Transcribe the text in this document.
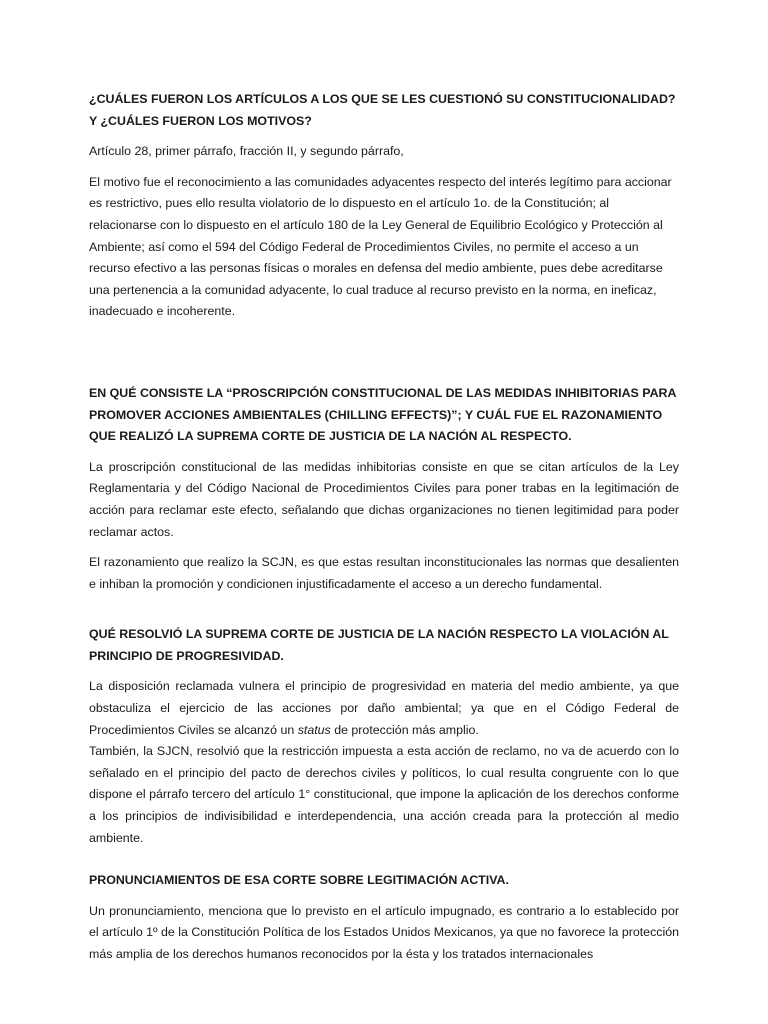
¿CUÁLES FUERON LOS ARTÍCULOS A LOS QUE SE LES CUESTIONÓ SU CONSTITUCIONALIDAD? Y ¿CUÁLES FUERON LOS MOTIVOS?

Artículo 28, primer párrafo, fracción II, y segundo párrafo,

El motivo fue el reconocimiento a las comunidades adyacentes respecto del interés legítimo para accionar es restrictivo, pues ello resulta violatorio de lo dispuesto en el artículo 1o. de la Constitución; al relacionarse con lo dispuesto en el artículo 180 de la Ley General de Equilibrio Ecológico y Protección al Ambiente; así como el 594 del Código Federal de Procedimientos Civiles, no permite el acceso a un recurso efectivo a las personas físicas o morales en defensa del medio ambiente, pues debe acreditarse una pertenencia a la comunidad adyacente, lo cual traduce al recurso previsto en la norma, en ineficaz, inadecuado e incoherente.

EN QUÉ CONSISTE LA “PROSCRIPCIÓN CONSTITUCIONAL DE LAS MEDIDAS INHIBITORIAS PARA PROMOVER ACCIONES AMBIENTALES (CHILLING EFFECTS)”; Y CUÁL FUE EL RAZONAMIENTO QUE REALIZÓ LA SUPREMA CORTE DE JUSTICIA DE LA NACIÓN AL RESPECTO.

La proscripción constitucional de las medidas inhibitorias consiste en que se citan artículos de la Ley Reglamentaria y del Código Nacional de Procedimientos Civiles para poner trabas en la legitimación de acción para reclamar este efecto, señalando que dichas organizaciones no tienen legitimidad para poder reclamar actos.

El razonamiento que realizo la SCJN, es que estas resultan inconstitucionales las normas que desalienten e inhiban la promoción y condicionen injustificadamente el acceso a un derecho fundamental.

QUÉ RESOLVIÓ LA SUPREMA CORTE DE JUSTICIA DE LA NACIÓN RESPECTO LA VIOLACIÓN AL PRINCIPIO DE PROGRESIVIDAD.

La disposición reclamada vulnera el principio de progresividad en materia del medio ambiente, ya que obstaculiza el ejercicio de las acciones por daño ambiental; ya que en el Código Federal de Procedimientos Civiles se alcanzó un status de protección más amplio.

También, la SJCN, resolvió que la restricción impuesta a esta acción de reclamo, no va de acuerdo con lo señalado en el principio del pacto de derechos civiles y políticos, lo cual resulta congruente con lo que dispone el párrafo tercero del artículo 1° constitucional, que impone la aplicación de los derechos conforme a los principios de indivisibilidad e interdependencia, una acción creada para la protección al medio ambiente.

PRONUNCIAMIENTOS DE ESA CORTE SOBRE LEGITIMACIÓN ACTIVA.

Un pronunciamiento, menciona que lo previsto en el artículo impugnado, es contrario a lo establecido por el artículo 1º de la Constitución Política de los Estados Unidos Mexicanos, ya que no favorece la protección más amplia de los derechos humanos reconocidos por la ésta y los tratados internacionales
